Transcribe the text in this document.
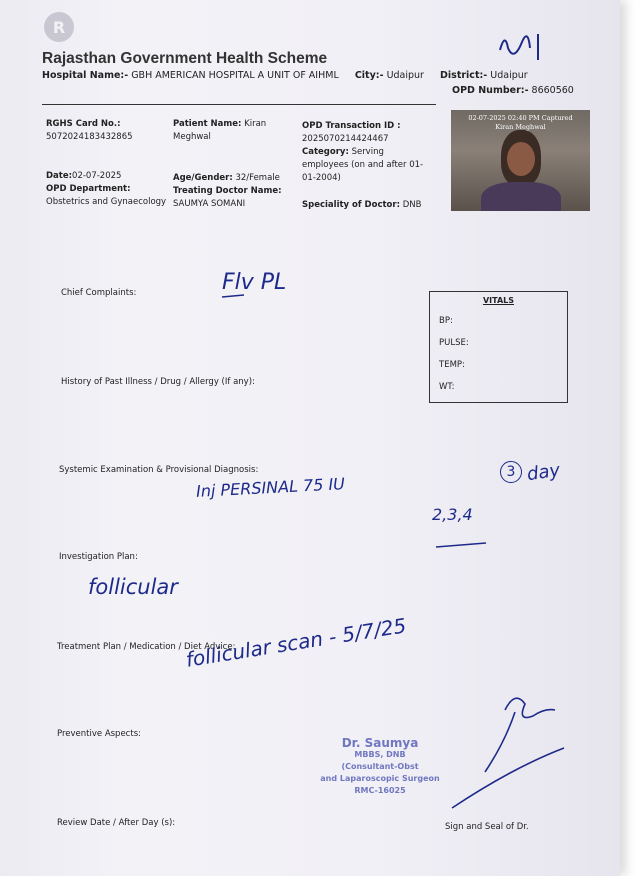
R
Rajasthan Government Health Scheme
Hospital Name:- GBH AMERICAN HOSPITAL A UNIT OF AIHML City:- Udaipur District:- Udaipur
OPD Number:- 8660560
RGHS Card No.:
5072024183432865
Patient Name: Kiran Meghwal
OPD Transaction ID :
2025070214424467
Category: Serving employees (on and after 01-01-2004)
Date:02-07-2025
OPD Department: Obstetrics and Gynaecology
Age/Gender: 32/Female
Treating Doctor Name:
SAUMYA SOMANI	Speciality of Doctor: DNB
02-07-2025 02:40 PM Captured
Kiran Meghwal
Chief Complaints:
History of Past Illness / Drug / Allergy (If any):
Systemic Examination & Provisional Diagnosis:
Investigation Plan:
Treatment Plan / Medication / Diet Advice:
Preventive Aspects:
Review Date / After Day (s):	Sign and Seal of Dr.
VITALS
BP:
PULSE:
TEMP:
WT:
Flv PL
Inj PERSINAL 75 IU
3 day
2,3,4
follicular
follicular scan - 5/7/25
Dr. Saumya
MBBS, DNB
(Consultant-Obst
and Laparoscopic Surgeon
RMC-16025
